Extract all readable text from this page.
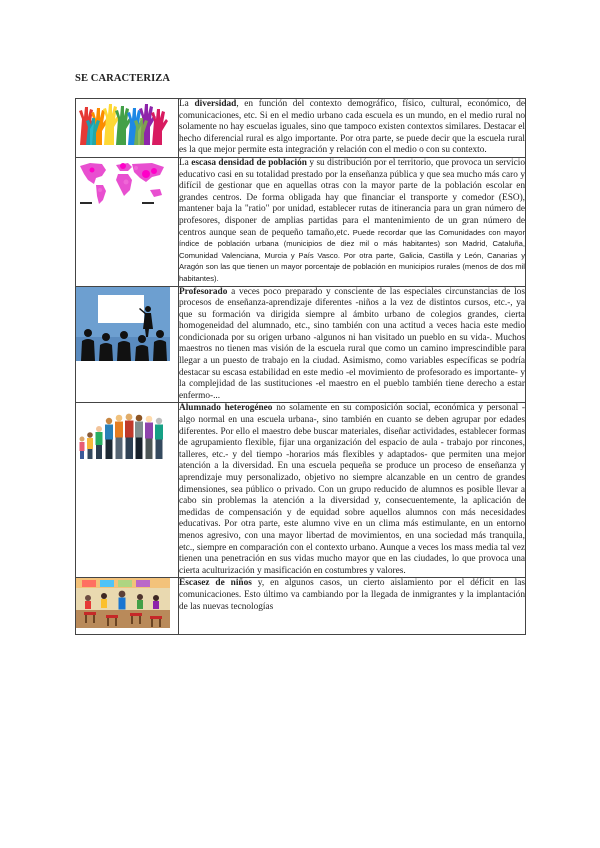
SE CARACTERIZA
	La diversidad, en función del contexto demográfico, físico, cultural, económico, de comunicaciones, etc. Si en el medio urbano cada escuela es un mundo, en el medio rural no solamente no hay escuelas iguales, sino que tampoco existen contextos similares. Destacar el hecho diferencial rural es algo importante. Por otra parte, se puede decir que la escuela rural es la que mejor permite esta integración y relación con el medio o con su contexto.

	La escasa densidad de población y su distribución por el territorio, que provoca un servicio educativo casi en su totalidad prestado por la enseñanza pública y que sea mucho más caro y difícil de gestionar que en aquellas otras con la mayor parte de la población escolar en grandes centros. De forma obligada hay que financiar el transporte y comedor (ESO), mantener baja la "ratio" por unidad, establecer rutas de itinerancia para un gran número de profesores, disponer de amplias partidas para el mantenimiento de un gran número de centros aunque sean de pequeño tamaño,etc. Puede recordar que las Comunidades con mayor índice de población urbana (municipios de diez mil o más habitantes) son Madrid, Cataluña, Comunidad Valenciana, Murcia y País Vasco. Por otra parte, Galicia, Castilla y León, Canarias y Aragón son las que tienen un mayor porcentaje de población en municipios rurales (menos de dos mil habitantes).

	Profesorado a veces poco preparado y consciente de las especiales circunstancias de los procesos de enseñanza-aprendizaje diferentes -niños a la vez de distintos cursos, etc.-, ya que su formación va dirigida siempre al ámbito urbano de colegios grandes, cierta homogeneidad del alumnado, etc., sino también con una actitud a veces hacia este medio condicionada por su origen urbano -algunos ni han visitado un pueblo en su vida-. Muchos maestros no tienen mas visión de la escuela rural que como un camino imprescindible para llegar a un puesto de trabajo en la ciudad. Asimismo, como variables específicas se podría destacar su escasa estabilidad en este medio -el movimiento de profesorado es importante- y la complejidad de las sustituciones -el maestro en el pueblo también tiene derecho a estar enfermo-...

	Alumnado heterogéneo no solamente en su composición social, económica y personal - algo normal en una escuela urbana-, sino también en cuanto se deben agrupar por edades diferentes. Por ello el maestro debe buscar materiales, diseñar actividades, establecer formas de agrupamiento flexible, fijar una organización del espacio de aula - trabajo por rincones, talleres, etc.- y del tiempo -horarios más flexibles y adaptados- que permiten una mejor atención a la diversidad. En una escuela pequeña se produce un proceso de enseñanza y aprendizaje muy personalizado, objetivo no siempre alcanzable en un centro de grandes dimensiones, sea público o privado. Con un grupo reducido de alumnos es posible llevar a cabo sin problemas la atención a la diversidad y, consecuentemente, la aplicación de medidas de compensación y de equidad sobre aquellos alumnos con más necesidades educativas. Por otra parte, este alumno vive en un clima más estimulante, en un entorno menos agresivo, con una mayor libertad de movimientos, en una sociedad más tranquila, etc., siempre en comparación con el contexto urbano. Aunque a veces los mass media tal vez tienen una penetración en sus vidas mucho mayor que en las ciudades, lo que provoca una cierta aculturización y masificación en costumbres y valores.

	Escasez de niños y, en algunos casos, un cierto aislamiento por el déficit en las comunicaciones. Esto último va cambiando por la llegada de inmigrantes y la implantación de las nuevas tecnologías
